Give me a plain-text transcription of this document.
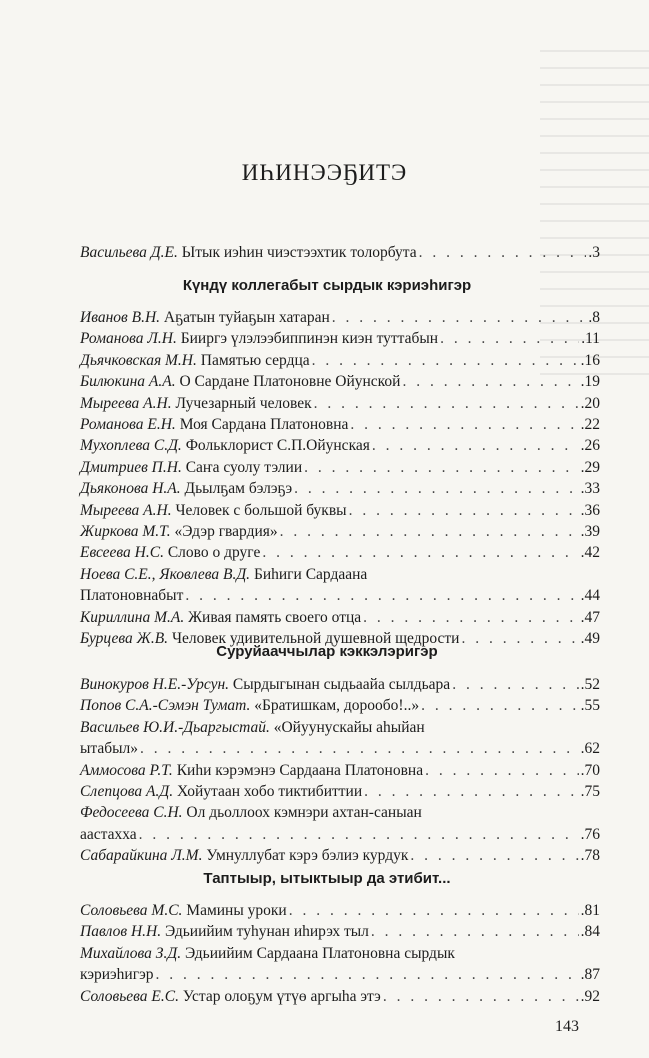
ИҺИНЭЭҔИТЭ
Васильева Д.Е. Ытык иэһин чиэстээхтик толорбута . . .	.3
Күндү коллегабыт сырдык кэриэһигэр
Иванов В.Н. Аҕатын туйаҕын хатаран . . .	.8
Романова Л.Н. Бииргэ үлэлээбиппинэн киэн туттабын . . .	.11
Дьячковская М.Н. Памятью сердца . . .	.16
Билюкина А.А. О Сардане Платоновне Ойунской . . .	.19
Мыреева А.Н. Лучезарный человек . . .	.20
Романова Е.Н. Моя Сардана Платоновна . . .	.22
Мухоплева С.Д. Фольклорист С.П.Ойунская . . .	.26
Дмитриев П.Н. Саҥа суолу тэлии . . .	.29
Дьяконова Н.А. Дьылҕам бэлэҕэ . . .	.33
Мыреева А.Н. Человек с большой буквы . . .	.36
Жиркова М.Т. «Эдэр гвардия» . . .	.39
Евсеева Н.С. Слово о друге . . .	.42
Ноева С.Е., Яковлева В.Д. Биһиги Сардаана
Платоновнабыт . . .	.44
Кириллина М.А. Живая память своего отца . . .	.47
Бурцева Ж.В. Человек удивительной душевной щедрости . . .	.49
Суруйааччылар кэккэлэригэр
Винокуров Н.Е.-Урсун. Сырдыгынан сыдьаайа сылдьара . . .	.52
Попов С.А.-Сэмэн Тумат. «Братишкам, дорообо!..» . . .	.55
Васильев Ю.И.-Дьаргыстай. «Ойуунускайы аһыйан
ытабыл» . . .	.62
Аммосова Р.Т. Киһи кэрэмэнэ Сардаана Платоновна . . .	.70
Слепцова А.Д. Хойутаан хобо тиктибиттии . . .	.75
Федосеева С.Н. Ол дьоллоох кэмнэри ахтан-саныан
аастахха . . .	.76
Сабарайкина Л.М. Умнуллубат кэрэ бэлиэ курдук . . .	.78
Таптыыр, ытыктыыр да этибит...
Соловьева М.С. Мамины уроки . . .	.81
Павлов Н.Н. Эдьиийим туһунан иһирэх тыл . . .	.84
Михайлова З.Д. Эдьиийим Сардаана Платоновна сырдык
кэриэһигэр . . .	.87
Соловьева Е.С. Устар олоҕум үтүө аргыһа этэ . . .	.92
143
